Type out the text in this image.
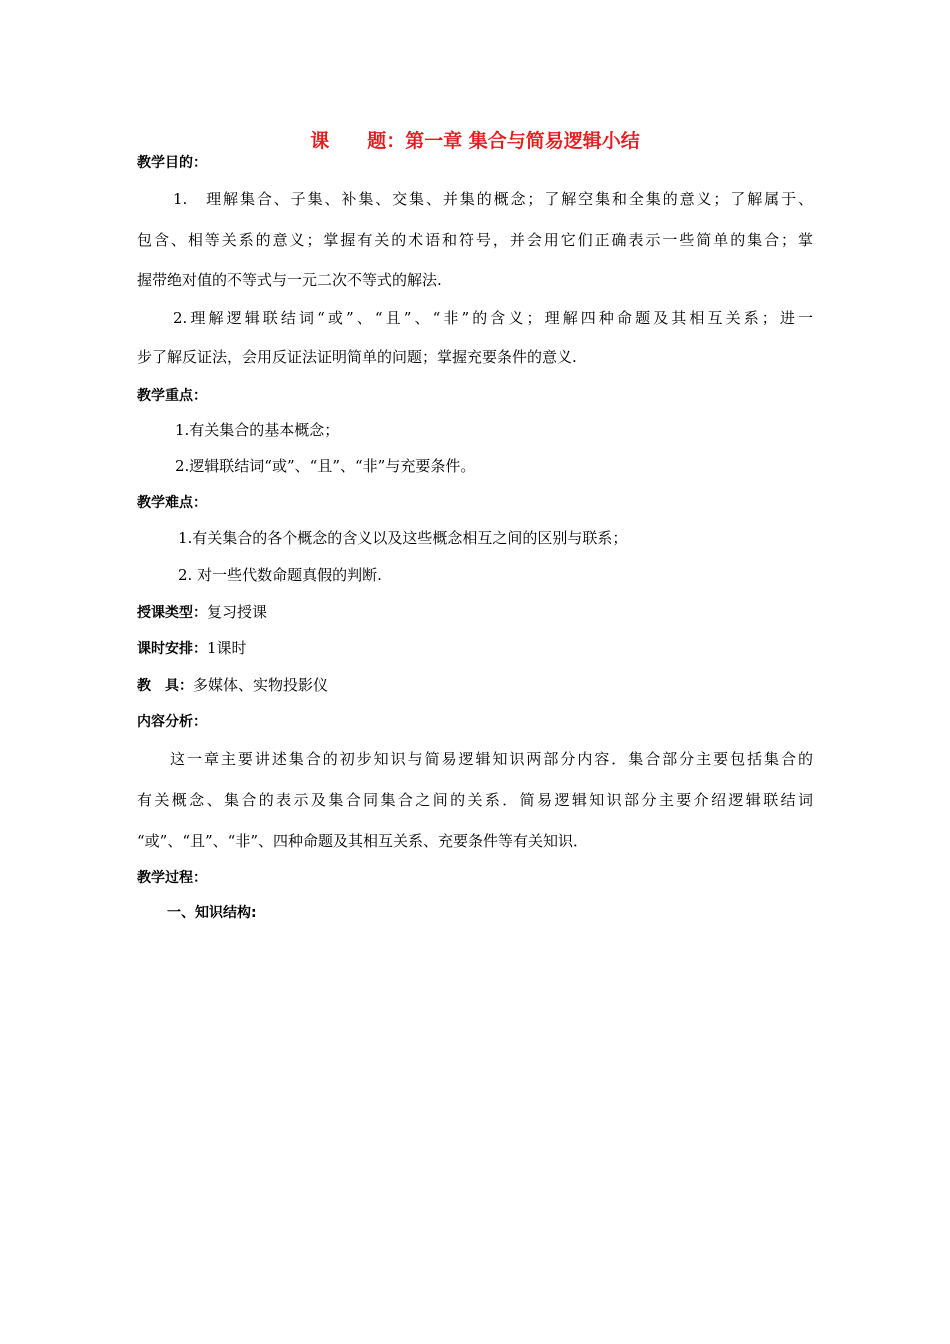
课　　题：第一章 集合与简易逻辑小结
教学目的：
1.　理解集合、子集、补集、交集、并集的概念；了解空集和全集的意义；了解属于、
包含、相等关系的意义；掌握有关的术语和符号，并会用它们正确表示一些简单的集合；掌
握带绝对值的不等式与一元二次不等式的解法.
2.理解逻辑联结词“或”、“且”、“非”的含义；理解四种命题及其相互关系；进一
步了解反证法，会用反证法证明简单的问题；掌握充要条件的意义.
教学重点：
1.有关集合的基本概念；
2.逻辑联结词“或”、“且”、“非”与充要条件。
教学难点：
1.有关集合的各个概念的含义以及这些概念相互之间的区别与联系；
2. 对一些代数命题真假的判断.
授课类型：复习授课
课时安排：1课时
教　具：多媒体、实物投影仪
内容分析：
这一章主要讲述集合的初步知识与简易逻辑知识两部分内容．集合部分主要包括集合的
有关概念、集合的表示及集合同集合之间的关系．简易逻辑知识部分主要介绍逻辑联结词
“或”、“且”、“非”、四种命题及其相互关系、充要条件等有关知识．
教学过程：
一、知识结构:
